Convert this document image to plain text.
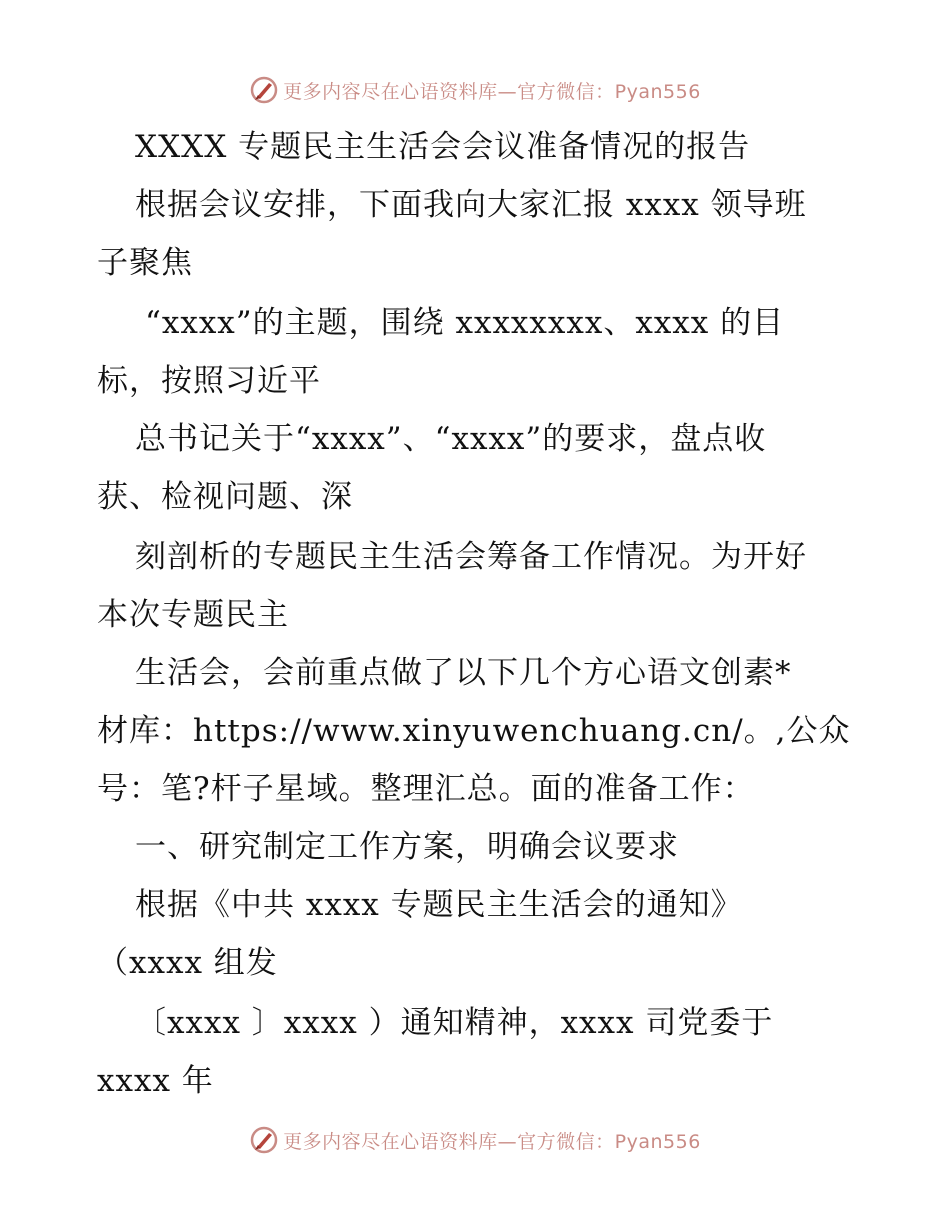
更多内容尽在心语资料库—官方微信：Pyan556
XXXX 专题民主生活会会议准备情况的报告
根据会议安排，下面我向大家汇报 xxxx 领导班
子聚焦
“xxxx”的主题，围绕 xxxxxxxx、xxxx 的目
标，按照习近平
总书记关于“xxxx”、“xxxx”的要求，盘点收
获、检视问题、深
刻剖析的专题民主生活会筹备工作情况。为开好
本次专题民主
生活会，会前重点做了以下几个方心语文创素*
材库：https://www.xinyuwenchuang.cn/。,公众
号：笔?杆子星域。整理汇总。面的准备工作：
一、研究制定工作方案，明确会议要求
根据《中共 xxxx 专题民主生活会的通知》
（xxxx 组发
〔xxxx 〕xxxx ）通知精神，xxxx 司党委于
xxxx 年
更多内容尽在心语资料库—官方微信：Pyan556
